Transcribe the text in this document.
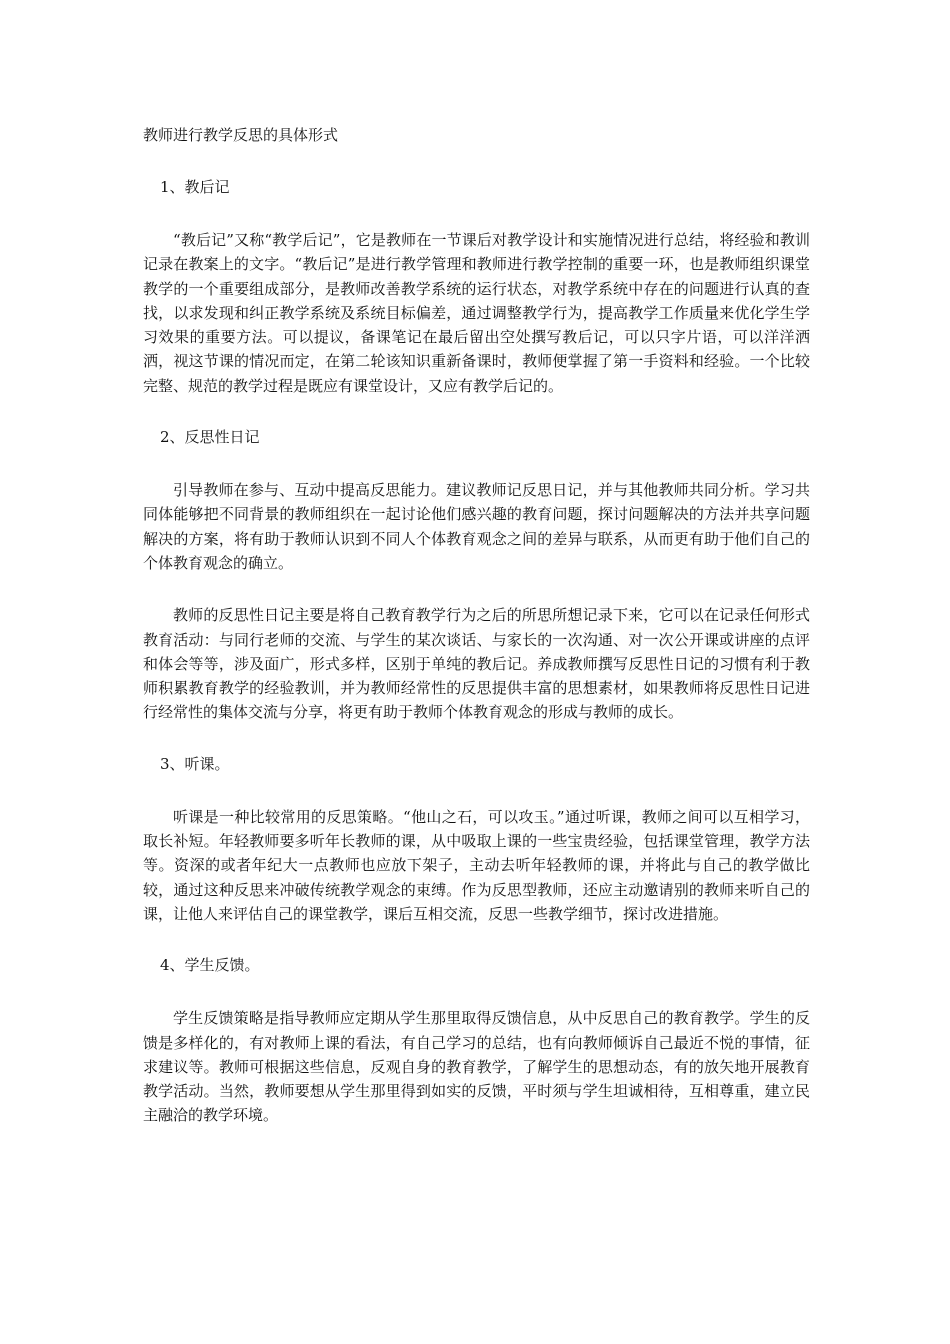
教师进行教学反思的具体形式

1、教后记

“教后记”又称“教学后记”，它是教师在一节课后对教学设计和实施情况进行总结，将经验和教训记录在教案上的文字。“教后记”是进行教学管理和教师进行教学控制的重要一环，也是教师组织课堂教学的一个重要组成部分，是教师改善教学系统的运行状态，对教学系统中存在的问题进行认真的查找，以求发现和纠正教学系统及系统目标偏差，通过调整教学行为，提高教学工作质量来优化学生学习效果的重要方法。可以提议，备课笔记在最后留出空处撰写教后记，可以只字片语，可以洋洋洒洒，视这节课的情况而定，在第二轮该知识重新备课时，教师便掌握了第一手资料和经验。一个比较完整、规范的教学过程是既应有课堂设计，又应有教学后记的。

2、反思性日记

引导教师在参与、互动中提高反思能力。建议教师记反思日记，并与其他教师共同分析。学习共同体能够把不同背景的教师组织在一起讨论他们感兴趣的教育问题，探讨问题解决的方法并共享问题解决的方案，将有助于教师认识到不同人个体教育观念之间的差异与联系，从而更有助于他们自己的个体教育观念的确立。

教师的反思性日记主要是将自己教育教学行为之后的所思所想记录下来，它可以在记录任何形式教育活动：与同行老师的交流、与学生的某次谈话、与家长的一次沟通、对一次公开课或讲座的点评和体会等等，涉及面广，形式多样，区别于单纯的教后记。养成教师撰写反思性日记的习惯有利于教师积累教育教学的经验教训，并为教师经常性的反思提供丰富的思想素材，如果教师将反思性日记进行经常性的集体交流与分享，将更有助于教师个体教育观念的形成与教师的成长。

3、听课。

听课是一种比较常用的反思策略。“他山之石，可以攻玉。”通过听课，教师之间可以互相学习，取长补短。年轻教师要多听年长教师的课，从中吸取上课的一些宝贵经验，包括课堂管理，教学方法等。资深的或者年纪大一点教师也应放下架子，主动去听年轻教师的课，并将此与自己的教学做比较，通过这种反思来冲破传统教学观念的束缚。作为反思型教师，还应主动邀请别的教师来听自己的课，让他人来评估自己的课堂教学，课后互相交流，反思一些教学细节，探讨改进措施。

4、学生反馈。

学生反馈策略是指导教师应定期从学生那里取得反馈信息，从中反思自己的教育教学。学生的反馈是多样化的，有对教师上课的看法，有自己学习的总结，也有向教师倾诉自己最近不悦的事情，征求建议等。教师可根据这些信息，反观自身的教育教学，了解学生的思想动态，有的放矢地开展教育教学活动。当然，教师要想从学生那里得到如实的反馈，平时须与学生坦诚相待，互相尊重，建立民主融洽的教学环境。
